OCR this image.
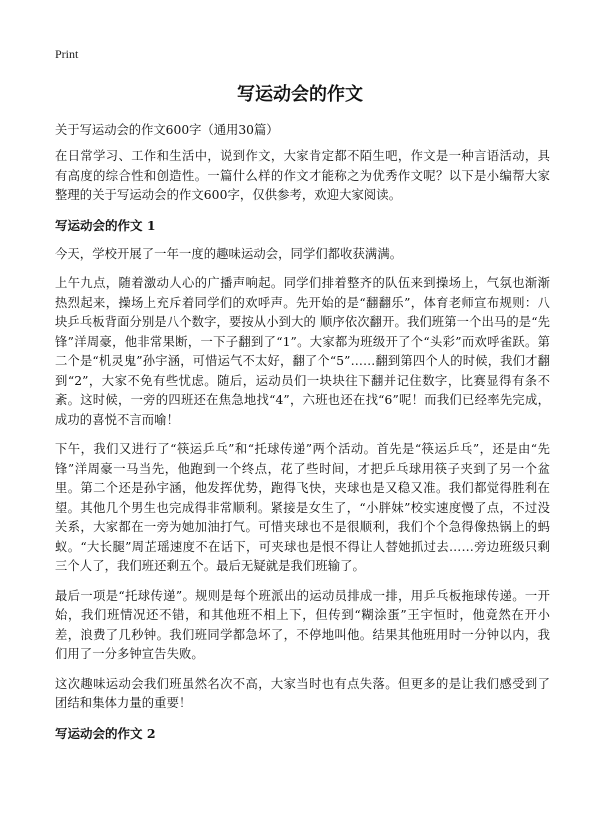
Print
写运动会的作文
关于写运动会的作文600字（通用30篇）

在日常学习、工作和生活中，说到作文，大家肯定都不陌生吧，作文是一种言语活动，具有高度的综合性和创造性。一篇什么样的作文才能称之为优秀作文呢？以下是小编帮大家整理的关于写运动会的作文600字，仅供参考，欢迎大家阅读。

写运动会的作文 1

今天，学校开展了一年一度的趣味运动会，同学们都收获满满。

上午九点，随着激动人心的广播声响起。同学们排着整齐的队伍来到操场上，气氛也渐渐热烈起来，操场上充斥着同学们的欢呼声。先开始的是“翻翻乐”，体育老师宣布规则：八块乒乓板背面分别是八个数字，要按从小到大的 顺序依次翻开。我们班第一个出马的是“先锋”洋周豪，他非常果断，一下子翻到了“1”。大家都为班级开了个“头彩”而欢呼雀跃。第二个是“机灵鬼”孙宇涵，可惜运气不太好，翻了个“5”……翻到第四个人的时候，我们才翻到“2”，大家不免有些忧虑。随后，运动员们一块块往下翻并记住数字，比赛显得有条不紊。这时候，一旁的四班还在焦急地找“4”，六班也还在找“6”呢！而我们已经率先完成，成功的喜悦不言而喻！

下午，我们又进行了“筷运乒乓”和“托球传递”两个活动。首先是“筷运乒乓”，还是由“先锋”洋周豪一马当先，他跑到一个终点，花了些时间，才把乒乓球用筷子夹到了另一个盆里。第二个还是孙宇涵，他发挥优势，跑得飞快，夹球也是又稳又准。我们都觉得胜利在望。其他几个男生也完成得非常顺利。紧接是女生了，“小胖妹”校实速度慢了点，不过没关系，大家都在一旁为她加油打气。可惜夹球也不是很顺利，我们个个急得像热锅上的蚂蚁。“大长腿”周芷瑶速度不在话下，可夹球也是恨不得让人替她抓过去……旁边班级只剩三个人了，我们班还剩五个。最后无疑就是我们班输了。

最后一项是“托球传递”。规则是每个班派出的运动员排成一排，用乒乓板拖球传递。一开始，我们班情况还不错，和其他班不相上下，但传到“糊涂蛋”王宇恒时，他竟然在开小差，浪费了几秒钟。我们班同学都急坏了，不停地叫他。结果其他班用时一分钟以内，我们用了一分多钟宣告失败。

这次趣味运动会我们班虽然名次不高，大家当时也有点失落。但更多的是让我们感受到了团结和集体力量的重要！

写运动会的作文 2
